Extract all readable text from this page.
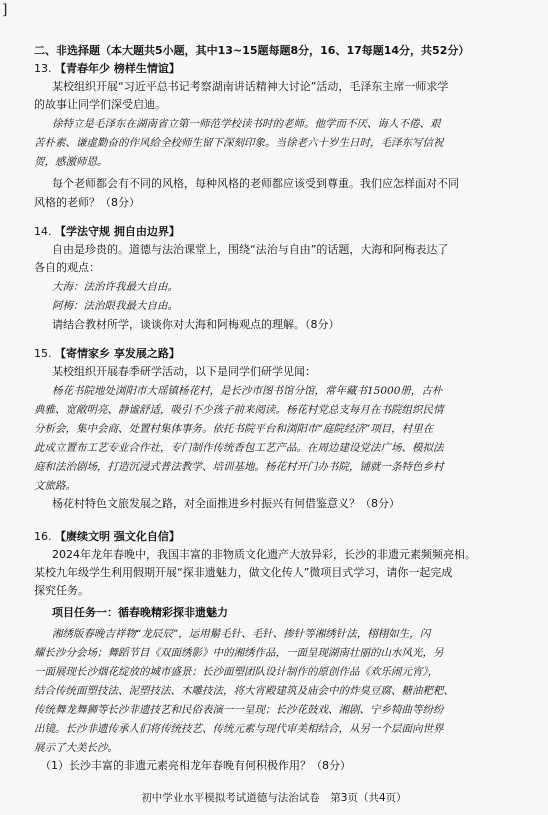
]
二、非选择题（本大题共5小题，其中13~15题每题8分，16、17每题14分，共52分）
13. 【青春年少 榜样生情谊】
某校组织开展“习近平总书记考察湖南讲话精神大讨论”活动，毛泽东主席一师求学
的故事让同学们深受启迪。
徐特立是毛泽东在湖南省立第一师范学校读书时的老师。他学而不厌、诲人不倦、艰
苦朴素、谦虚勤奋的作风给全校师生留下深刻印象。当徐老六十岁生日时，毛泽东写信祝
贺，感激师恩。
每个老师都会有不同的风格，每种风格的老师都应该受到尊重。我们应怎样面对不同
风格的老师？（8分）
14. 【学法守规 拥自由边界】
自由是珍贵的。道德与法治课堂上，围绕“法治与自由”的话题，大海和阿梅表达了
各自的观点：
大海：法治许我最大自由。
阿梅：法治限我最大自由。
请结合教材所学，谈谈你对大海和阿梅观点的理解。（8分）
15. 【寄情家乡 享发展之路】
某校组织开展春季研学活动，以下是同学们研学见闻：
杨花书院地处浏阳市大瑶镇杨花村，是长沙市图书馆分馆，常年藏书15000册，古朴
典雅、宽敞明亮、静谧舒适，吸引不少孩子前来阅读。杨花村党总支每月在书院组织民情
分析会，集中会商、处置村集体事务。依托书院平台和浏阳市“庭院经济”项目，村里在
此成立置布工艺专业合作社，专门制作传统香包工艺产品。在周边建设党法广场、模拟法
庭和法治剧场，打造沉浸式普法教学、培训基地。杨花村开门办书院，铺就一条特色乡村
文旅路。
杨花村特色文旅发展之路，对全面推进乡村振兴有何借鉴意义？（8分）
16. 【赓续文明 强文化自信】
2024年龙年春晚中，我国丰富的非物质文化遗产大放异彩，长沙的非遗元素频频亮相。
某校九年级学生利用假期开展“探非遗魅力，做文化传人”微项目式学习，请你一起完成
探究任务。
项目任务一：循春晚精彩探非遗魅力
湘绣版春晚吉祥物“龙辰辰”，运用鬅毛针、毛针、掺针等湘绣针法，栩栩如生，闪
耀长沙分会场；舞蹈节目《双面绣影》中的湘绣作品，一面呈现湖南壮丽的山水风光，另
一面展现长沙烟花绽放的城市盛景；长沙面塑团队设计制作的原创作品《欢乐闹元宵》，
结合传统面塑技法、泥塑技法、木雕技法，将大宵殿建筑及庙会中的炸臭豆腐、糖油粑粑、
传统舞龙舞狮等长沙非遗技艺和民俗表演一一呈现；长沙花鼓戏、湘剧、宁乡犄曲等纷纷
出镜。长沙非遗传承人们将传统技艺、传统元素与现代审美相结合，从另一个层面向世界
展示了大美长沙。
（1）长沙丰富的非遗元素亮相龙年春晚有何积极作用？（8分）
初中学业水平模拟考试道德与法治试卷　第3页（共4页）
